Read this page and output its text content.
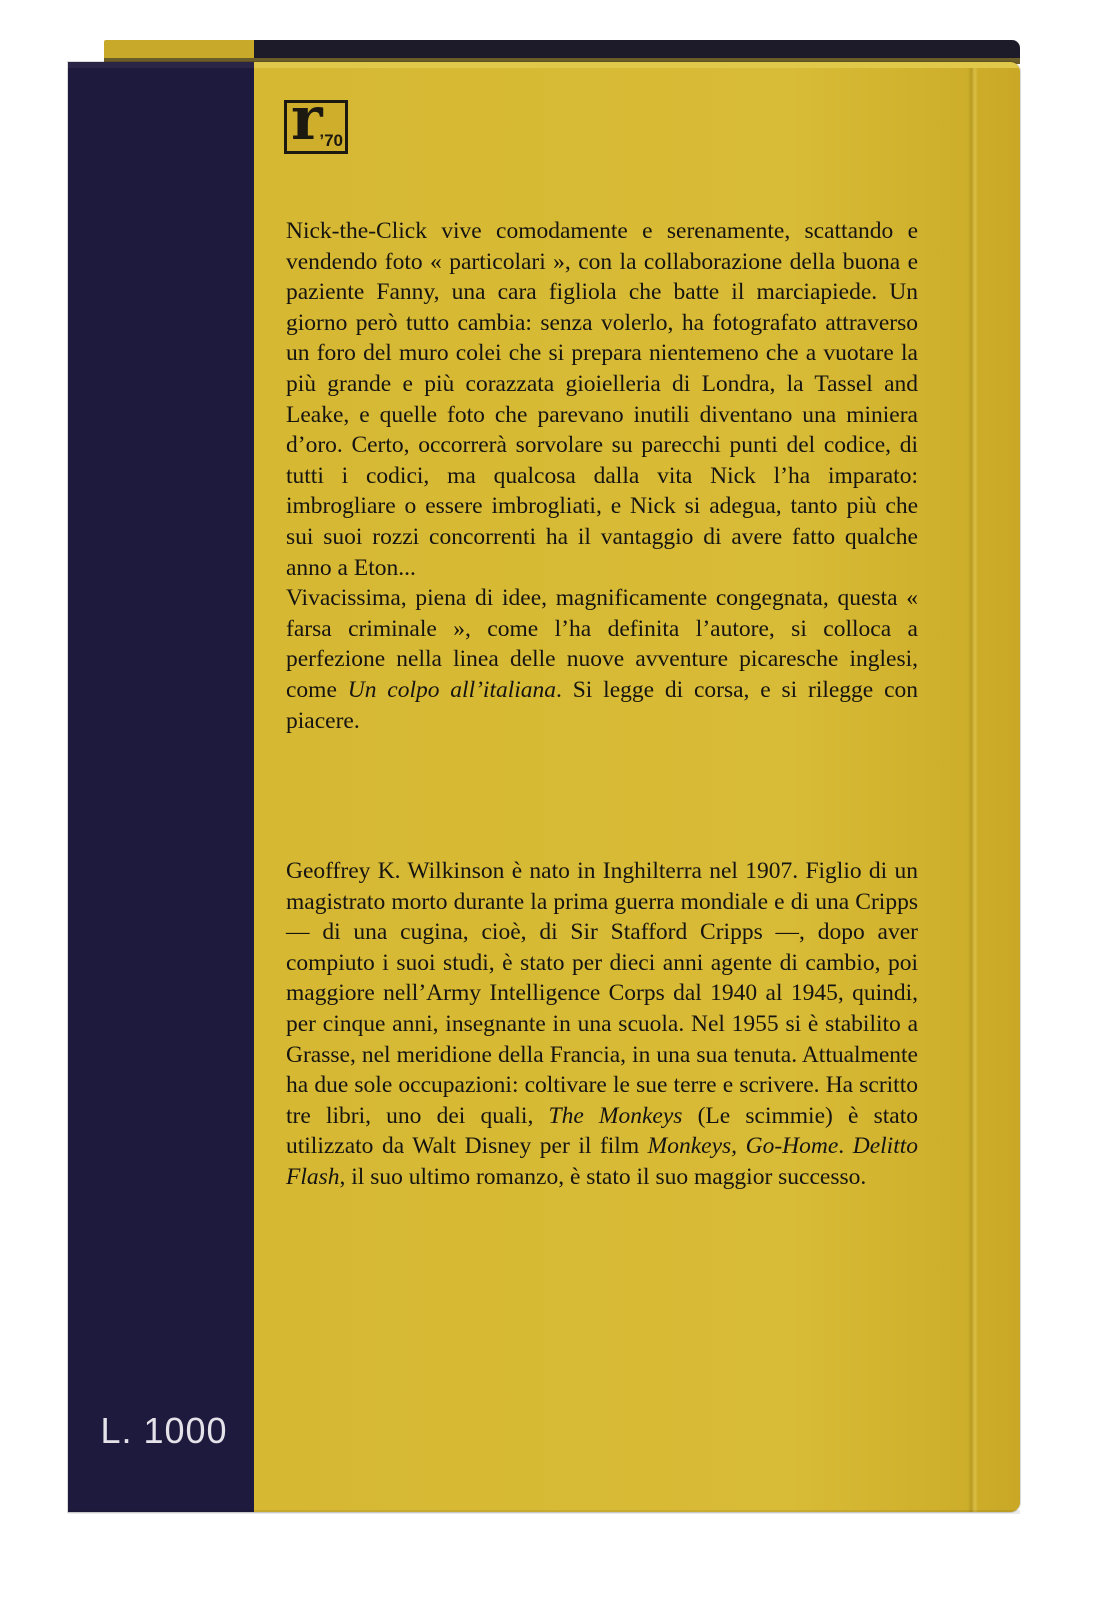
r
’70

Nick-the-Click vive comodamente e serenamente, scattando e vendendo foto « particolari », con la collaborazione della buona e paziente Fanny, una cara figliola che batte il marciapiede. Un giorno però tutto cambia: senza volerlo, ha fotografato attraverso un foro del muro colei che si prepara nientemeno che a vuotare la più grande e più corazzata gioielleria di Londra, la Tassel and Leake, e quelle foto che parevano inutili diventano una miniera d’oro. Certo, occorrerà sorvolare su parecchi punti del codice, di tutti i codici, ma qualcosa dalla vita Nick l’ha imparato: imbrogliare o essere imbrogliati, e Nick si adegua, tanto più che sui suoi rozzi concorrenti ha il vantaggio di avere fatto qualche anno a Eton...

Vivacissima, piena di idee, magnificamente congegnata, questa « farsa criminale », come l’ha definita l’autore, si colloca a perfezione nella linea delle nuove avventure picaresche inglesi, come Un colpo all’italiana. Si legge di corsa, e si rilegge con piacere.

Geoffrey K. Wilkinson è nato in Inghilterra nel 1907. Figlio di un magistrato morto durante la prima guerra mondiale e di una Cripps — di una cugina, cioè, di Sir Stafford Cripps —, dopo aver compiuto i suoi studi, è stato per dieci anni agente di cambio, poi maggiore nell’Army Intelligence Corps dal 1940 al 1945, quindi, per cinque anni, insegnante in una scuola. Nel 1955 si è stabilito a Grasse, nel meridione della Francia, in una sua tenuta. Attualmente ha due sole occupazioni: coltivare le sue terre e scrivere. Ha scritto tre libri, uno dei quali, The Monkeys (Le scimmie) è stato utilizzato da Walt Disney per il film Monkeys, Go-Home. Delitto Flash, il suo ultimo romanzo, è stato il suo maggior successo.

L. 1000
